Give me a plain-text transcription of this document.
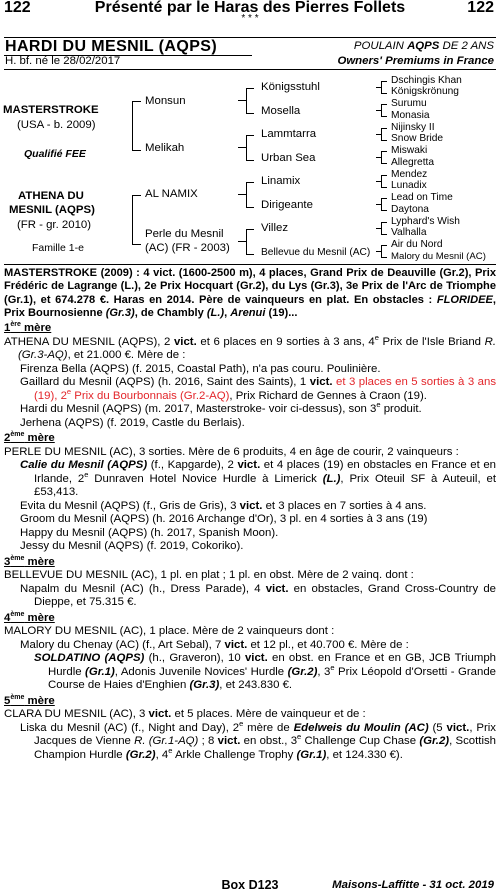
122	Présenté par le Haras des Pierres Follets	122
* * *
HARDI DU MESNIL (AQPS)	POULAIN AQPS DE 2 ANS
H. bf. né le 28/02/2017	Owners' Premiums in France
MASTERSTROKE
(USA - b. 2009)
Qualifié FEE
ATHENA DU
MESNIL (AQPS)
(FR - gr. 2010)
Famille 1-e
Monsun
Melikah
AL NAMIX
Perle du Mesnil
(AC) (FR - 2003)
Königsstuhl
Mosella
Lammtarra
Urban Sea
Linamix
Dirigeante
Villez
Bellevue du Mesnil (AC)
Dschingis Khan
Königskrönung
Surumu
Monasia
Nijinsky II
Snow Bride
Miswaki
Allegretta
Mendez
Lunadix
Lead on Time
Daytona
Lyphard's Wish
Valhalla
Air du Nord
Malory du Mesnil (AC)
MASTERSTROKE (2009) : 4 vict. (1600-2500 m), 4 places, Grand Prix de Deauville (Gr.2), Prix Frédéric de Lagrange (L.), 2e Prix Hocquart (Gr.2), du Lys (Gr.3), 3e Prix de l'Arc de Triomphe (Gr.1), et 674.278 €. Haras en 2014. Père de vainqueurs en plat. En obstacles : FLORIDEE, Prix Bournosienne (Gr.3), de Chambly (L.), Arenui (19)...
1ère mère
ATHENA DU MESNIL (AQPS), 2 vict. et 6 places en 9 sorties à 3 ans, 4e Prix de l'Isle Briand R. (Gr.3-AQ), et 21.000 €. Mère de :
Firenza Bella (AQPS) (f. 2015, Coastal Path), n'a pas couru. Poulinière.
Gaillard du Mesnil (AQPS) (h. 2016, Saint des Saints), 1 vict. et 3 places en 5 sorties à 3 ans (19), 2e Prix du Bourbonnais (Gr.2-AQ), Prix Richard de Gennes à Craon (19).
Hardi du Mesnil (AQPS) (m. 2017, Masterstroke- voir ci-dessus), son 3e produit.
Jerhena (AQPS) (f. 2019, Castle du Berlais).
2ème mère
PERLE DU MESNIL (AC), 3 sorties. Mère de 6 produits, 4 en âge de courir, 2 vainqueurs :
Calie du Mesnil (AQPS) (f., Kapgarde), 2 vict. et 4 places (19) en obstacles en France et en Irlande, 2e Dunraven Hotel Novice Hurdle à Limerick (L.), Prix Oteuil SF à Auteuil, et £53,413.
Evita du Mesnil (AQPS) (f., Gris de Gris), 3 vict. et 3 places en 7 sorties à 4 ans.
Groom du Mesnil (AQPS) (h. 2016 Archange d'Or), 3 pl. en 4 sorties à 3 ans (19)
Happy du Mesnil (AQPS) (h. 2017, Spanish Moon).
Jessy du Mesnil (AQPS) (f. 2019, Cokoriko).
3ème mère
BELLEVUE DU MESNIL (AC), 1 pl. en plat ; 1 pl. en obst. Mère de 2 vainq. dont :
Napalm du Mesnil (AC) (h., Dress Parade), 4 vict. en obstacles, Grand Cross-Country de Dieppe, et 75.315 €.
4ème mère
MALORY DU MESNIL (AC), 1 place. Mère de 2 vainqueurs dont :
Malory du Chenay (AC) (f., Art Sebal), 7 vict. et 12 pl., et 40.700 €. Mère de :
SOLDATINO (AQPS) (h., Graveron), 10 vict. en obst. en France et en GB, JCB Triumph Hurdle (Gr.1), Adonis Juvenile Novices' Hurdle (Gr.2), 3e Prix Léopold d'Orsetti - Grande Course de Haies d'Enghien (Gr.3), et 243.830 €.
5ème mère
CLARA DU MESNIL (AC), 3 vict. et 5 places. Mère de vainqueur et de :
Liska du Mesnil (AC) (f., Night and Day), 2e mère de Edelweis du Moulin (AC) (5 vict., Prix Jacques de Vienne R. (Gr.1-AQ) ; 8 vict. en obst., 3e Challenge Cup Chase (Gr.2), Scottish Champion Hurdle (Gr.2), 4e Arkle Challenge Trophy (Gr.1), et 124.330 €).
Box D123	Maisons-Laffitte - 31 oct. 2019
